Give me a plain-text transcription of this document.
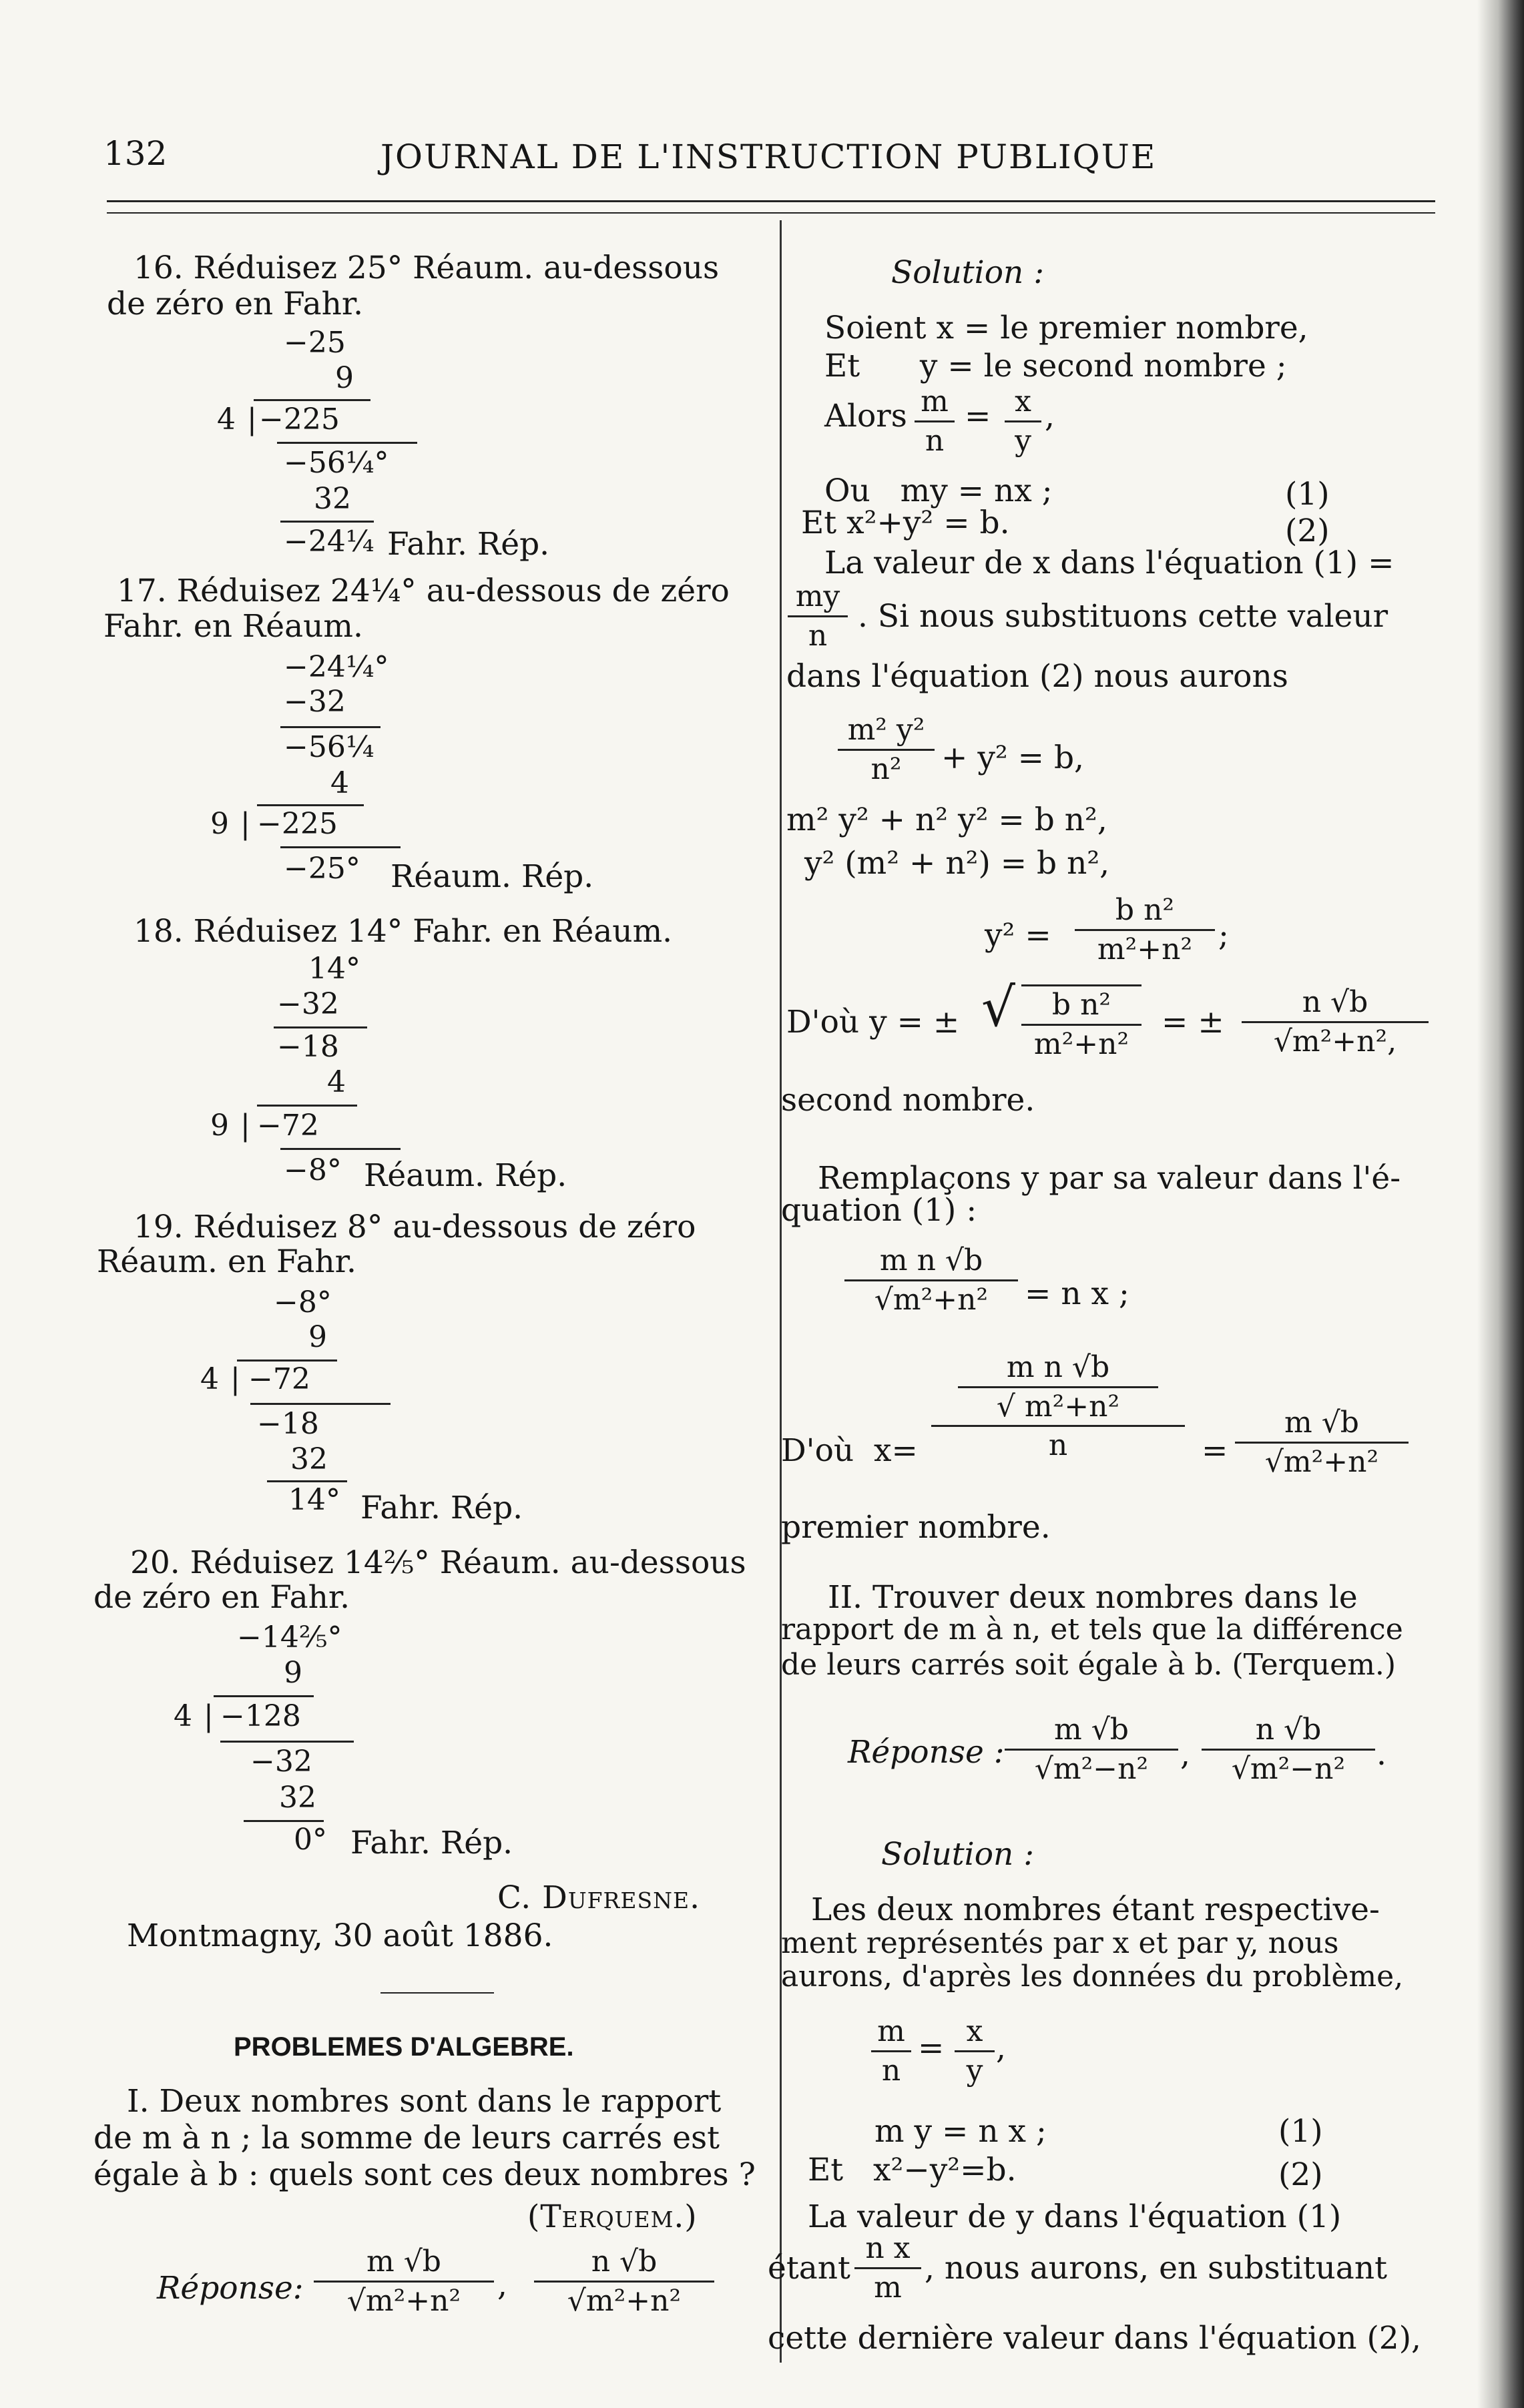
132	JOURNAL DE L'INSTRUCTION PUBLIQUE
16. Réduisez 25° Réaum. au-dessous
de zéro en Fahr.
−25
9
4 | −225
−56¼°
32
−24¼ Fahr. Rép.
17. Réduisez 24¼° au-dessous de zéro
Fahr. en Réaum.
−24¼°
−32
−56¼
4
9 | −225
−25° Réaum. Rép.
18. Réduisez 14° Fahr. en Réaum.
14°
−32
−18
4
9 | −72
−8° Réaum. Rép.
19. Réduisez 8° au-dessous de zéro
Réaum. en Fahr.
−8°
9
4 | −72
−18
32
14° Fahr. Rép.
20. Réduisez 14⅖° Réaum. au-dessous
de zéro en Fahr.
−14⅖°
9
4 | −128
−32
32
0° Fahr. Rép.
C. Dufresne.
Montmagny, 30 août 1886.
PROBLEMES D'ALGEBRE.
I. Deux nombres sont dans le rapport
de m à n ; la somme de leurs carrés est
égale à b : quels sont ces deux nombres ?
(Terquem.)
Réponse:
m √b
√m²+n² ,
n √b
√m²+n²
Solution :
Soient x = le premier nombre,
Et      y = le second nombre ;
Alors m
n
= x
y
,
Ou   my = nx ;	(1)
Et x²+y² = b.	(2)
La valeur de x dans l'équation (1) =
my
n
. Si nous substituons cette valeur
dans l'équation (2) nous aurons
m² y²
n² + y² = b,
m² y² + n² y² = b n²,
y² (m² + n²) = b n²,
y² =
b n²
m²+n² ;
D'où y = ± √ b n²
m²+n²
= ±
n √b
√m²+n²,
second nombre.
Remplaçons y par sa valeur dans l'é-
quation (1) :
m n √b
√m²+n² = n x ;
D'où  x=
m n √b
√ m²+n²
n	=
m √b
√m²+n²
premier nombre.
II. Trouver deux nombres dans le
rapport de m à n, et tels que la différence
de leurs carrés soit égale à b. (Terquem.)
Réponse :
m √b
√m²−n² ,
n √b
√m²−n² .
Solution :
Les deux nombres étant respective-
ment représentés par x et par y, nous
aurons, d'après les données du problème,
m
n
= x
y
,
m y = n x ;	(1)
Et   x²−y²=b.	(2)
La valeur de y dans l'équation (1)
étant
n x
m
, nous aurons, en substituant
cette dernière valeur dans l'équation (2),
